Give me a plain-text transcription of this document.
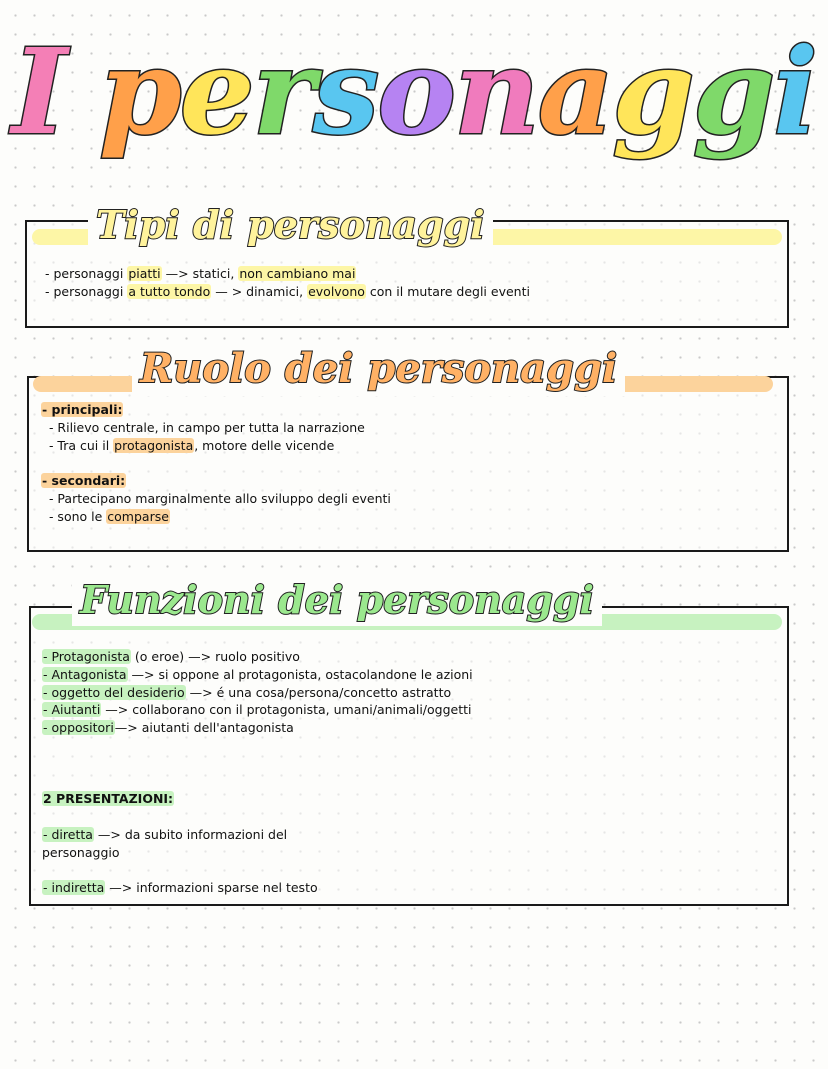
I personaggi
Tipi di personaggi
- personaggi piatti —> statici, non cambiano mai
- personaggi a tutto tondo — > dinamici, evolvono con il mutare degli eventi
Ruolo dei personaggi
- principali:
- Rilievo centrale, in campo per tutta la narrazione
- Tra cui il protagonista, motore delle vicende
- secondari:
- Partecipano marginalmente allo sviluppo degli eventi
- sono le comparse
Funzioni dei personaggi
- Protagonista (o eroe) —> ruolo positivo
- Antagonista —> si oppone al protagonista, ostacolandone le azioni
- oggetto del desiderio —> é una cosa/persona/concetto astratto
- Aiutanti —> collaborano con il protagonista, umani/animali/oggetti
- oppositori—> aiutanti dell'antagonista
2 PRESENTAZIONI:
- diretta —> da subito informazioni del
personaggio
- indiretta —> informazioni sparse nel testo
